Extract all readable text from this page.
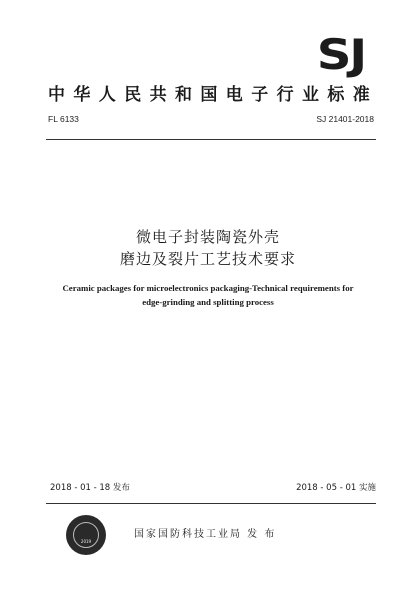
SJ
中华人民共和国电子行业标准
FL 6133	SJ 21401-2018
微电子封装陶瓷外壳
磨边及裂片工艺技术要求
Ceramic packages for microelectronics packaging-Technical requirements for
edge-grinding and splitting process
2018 - 01 - 18 发布	2018 - 05 - 01 实施
2019
国家国防科技工业局 发 布
